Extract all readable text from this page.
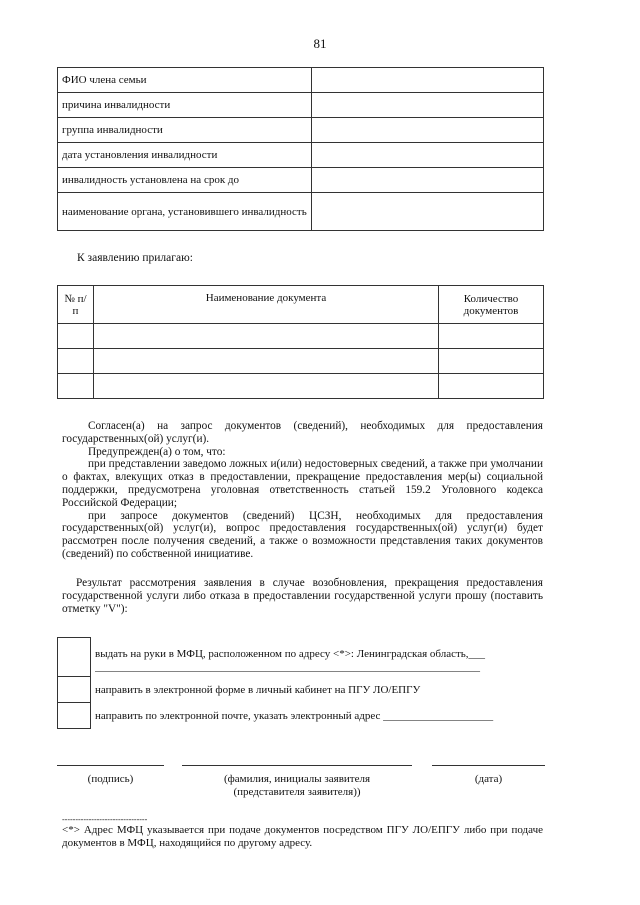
81
ФИО члена семьи	
причина инвалидности	
группа инвалидности	
дата установления инвалидности	
инвалидность установлена на срок до	
наименование органа, установившего инвалидность	
К заявлению прилагаю:
№ п/п	Наименование документа	Количество документов

Согласен(а) на запрос документов (сведений), необходимых для предоставления государственных(ой) услуг(и).

Предупрежден(а) о том, что:

при представлении заведомо ложных и(или) недостоверных сведений, а также при умолчании о фактах, влекущих отказ в предоставлении, прекращение предоставления мер(ы) социальной поддержки, предусмотрена уголовная ответственность статьей 159.2 Уголовного кодекса Российской Федерации;

при запросе документов (сведений) ЦСЗН, необходимых для предоставления государственных(ой) услуг(и), вопрос предоставления государственных(ой) услуг(и) будет рассмотрен после получения сведений, а также о возможности представления таких документов (сведений) по собственной инициативе.

Результат рассмотрения заявления в случае возобновления, прекращения предоставления государственной услуги либо отказа в предоставлении государственной услуги прошу (поставить отметку "V"):

выдать на руки в МФЦ, расположенном по адресу <*>: Ленинградская область,___
______________________________________________________________________
направить в электронной форме в личный кабинет на ПГУ ЛО/ЕПГУ
направить по электронной почте, указать электронный адрес ____________________
(подпись)	(фамилия, инициалы заявителя
(представителя заявителя))
(дата)
--------------------------------
<*> Адрес МФЦ указывается при подаче документов посредством ПГУ ЛО/ЕПГУ либо при подаче документов в МФЦ, находящийся по другому адресу.
